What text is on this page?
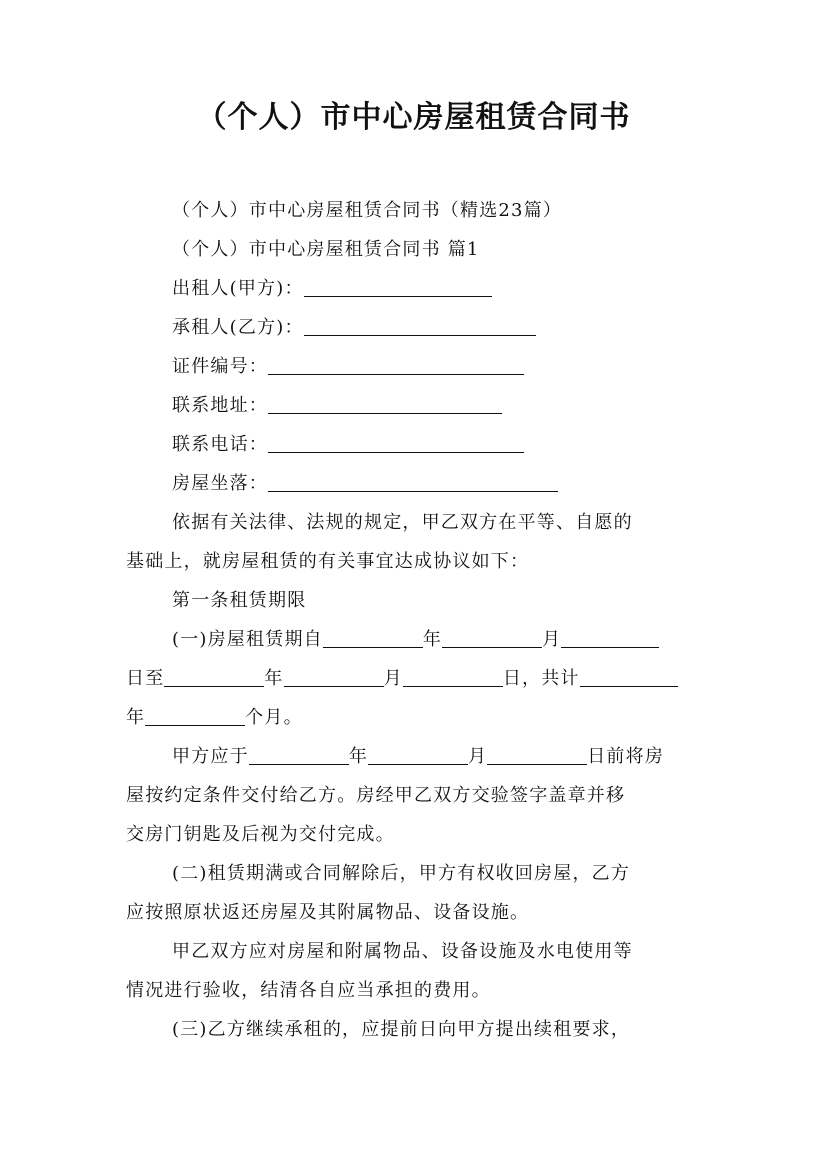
（个人）市中心房屋租赁合同书
（个人）市中心房屋租赁合同书（精选23篇）
（个人）市中心房屋租赁合同书 篇1
出租人(甲方)：
承租人(乙方)：
证件编号：
联系地址：
联系电话：
房屋坐落：
依据有关法律、法规的规定，甲乙双方在平等、自愿的
基础上，就房屋租赁的有关事宜达成协议如下：
第一条租赁期限
(一)房屋租赁期自	年	月
日至	年	月	日，共计
年	个月。
甲方应于	年	月	日前将房
屋按约定条件交付给乙方。房经甲乙双方交验签字盖章并移
交房门钥匙及后视为交付完成。
(二)租赁期满或合同解除后，甲方有权收回房屋，乙方
应按照原状返还房屋及其附属物品、设备设施。
甲乙双方应对房屋和附属物品、设备设施及水电使用等
情况进行验收，结清各自应当承担的费用。
(三)乙方继续承租的，应提前日向甲方提出续租要求，
